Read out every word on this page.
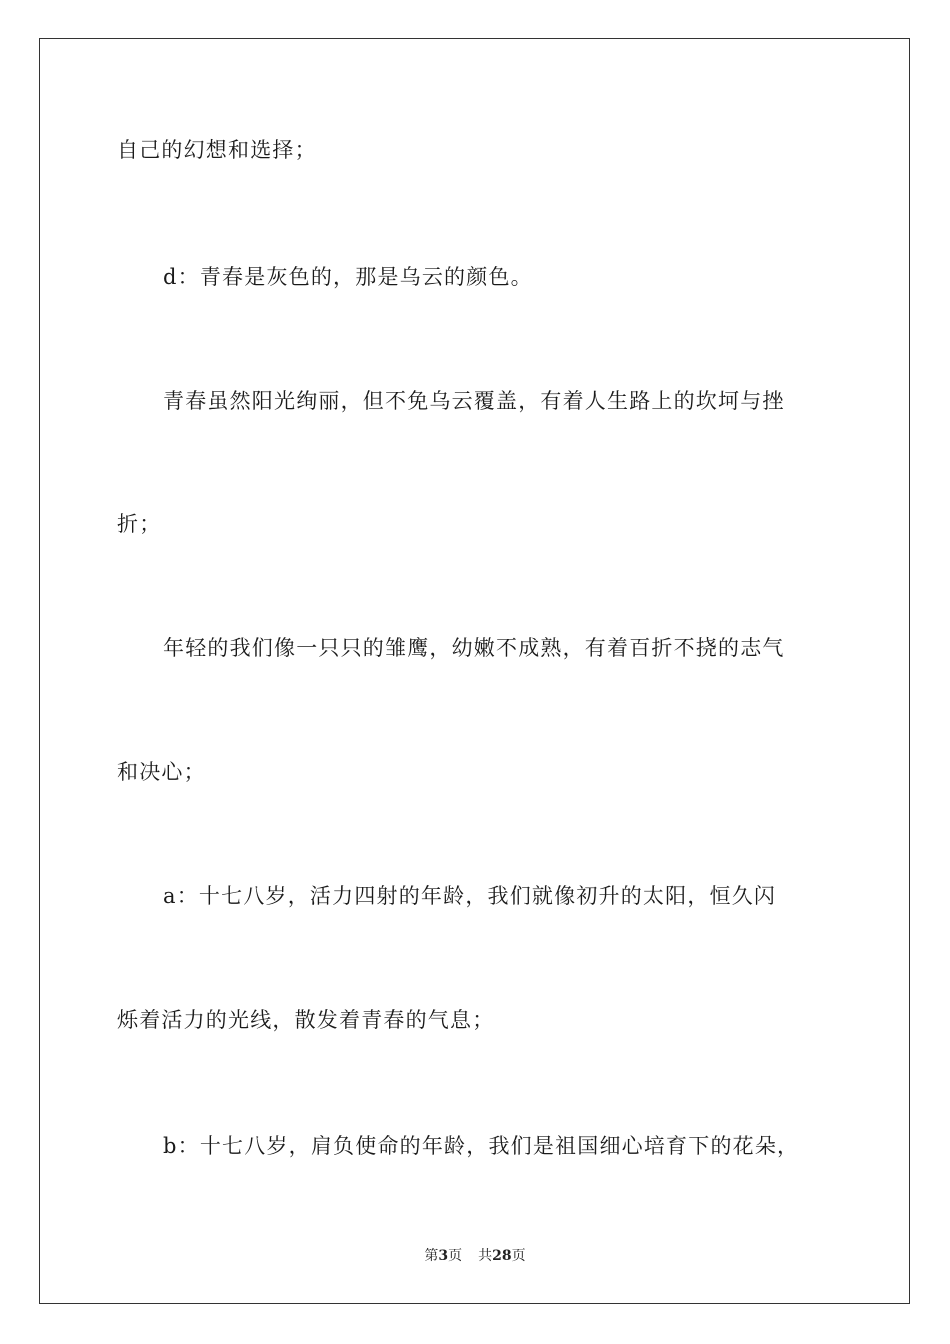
自己的幻想和选择；
d：青春是灰色的，那是乌云的颜色。
青春虽然阳光绚丽，但不免乌云覆盖，有着人生路上的坎坷与挫
折；
年轻的我们像一只只的雏鹰，幼嫩不成熟，有着百折不挠的志气
和决心；
a：十七八岁，活力四射的年龄，我们就像初升的太阳，恒久闪
烁着活力的光线，散发着青春的气息；
b：十七八岁，肩负使命的年龄，我们是祖国细心培育下的花朵，
第3页 共28页
